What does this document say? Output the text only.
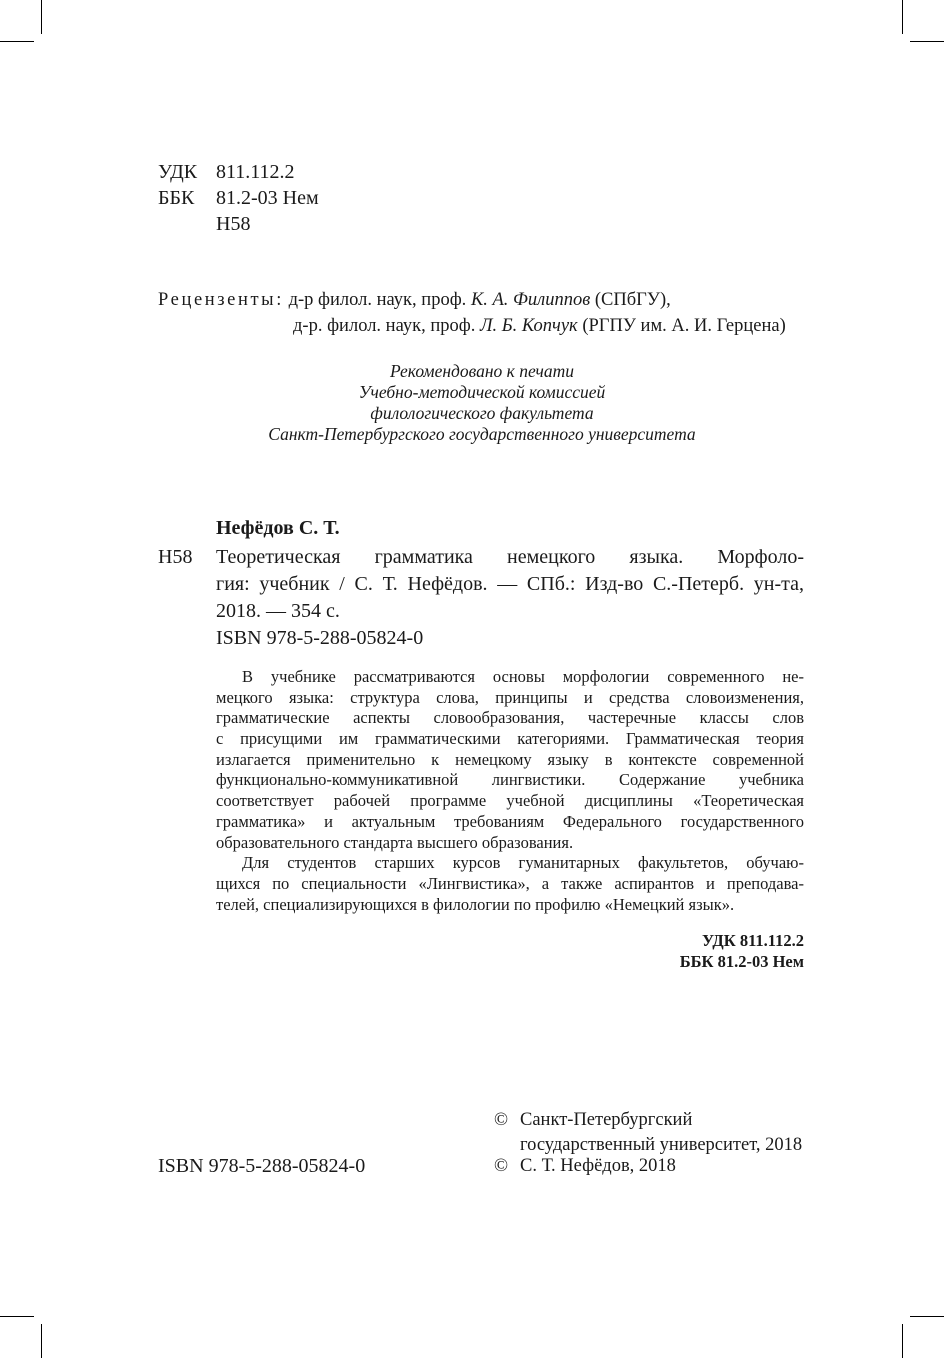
УДК 811.112.2
ББК 81.2-03 Нем
Н58
Рецензенты: д-р филол. наук, проф. К. А. Филиппов (СПбГУ),
д-р. филол. наук, проф. Л. Б. Копчук (РГПУ им. А. И. Герцена)
Рекомендовано к печати
Учебно-методической комиссией
филологического факультета
Санкт-Петербургского государственного университета
Нефёдов С. Т.
Н58 Теоретическая грамматика немецкого языка. Морфоло-
гия: учебник / С. Т. Нефёдов. — СПб.: Изд-во С.-Петерб. ун-та,
2018. — 354 с.
ISBN 978-5-288-05824-0
В учебнике рассматриваются основы морфологии современного не-
мецкого языка: структура слова, принципы и средства словоизменения,
грамматические аспекты словообразования, частеречные классы слов
с присущими им грамматическими категориями. Грамматическая теория
излагается применительно к немецкому языку в контексте современной
функционально-коммуникативной лингвистики. Содержание учебника
соответствует рабочей программе учебной дисциплины «Теоретическая
грамматика» и актуальным требованиям Федерального государственного
образовательного стандарта высшего образования.
Для студентов старших курсов гуманитарных факультетов, обучаю-
щихся по специальности «Лингвистика», а также аспирантов и преподава-
телей, специализирующихся в филологии по профилю «Немецкий язык».
УДК 811.112.2
ББК 81.2-03 Нем
© Санкт-Петербургский
государственный университет, 2018
© С. Т. Нефёдов, 2018
ISBN 978-5-288-05824-0
